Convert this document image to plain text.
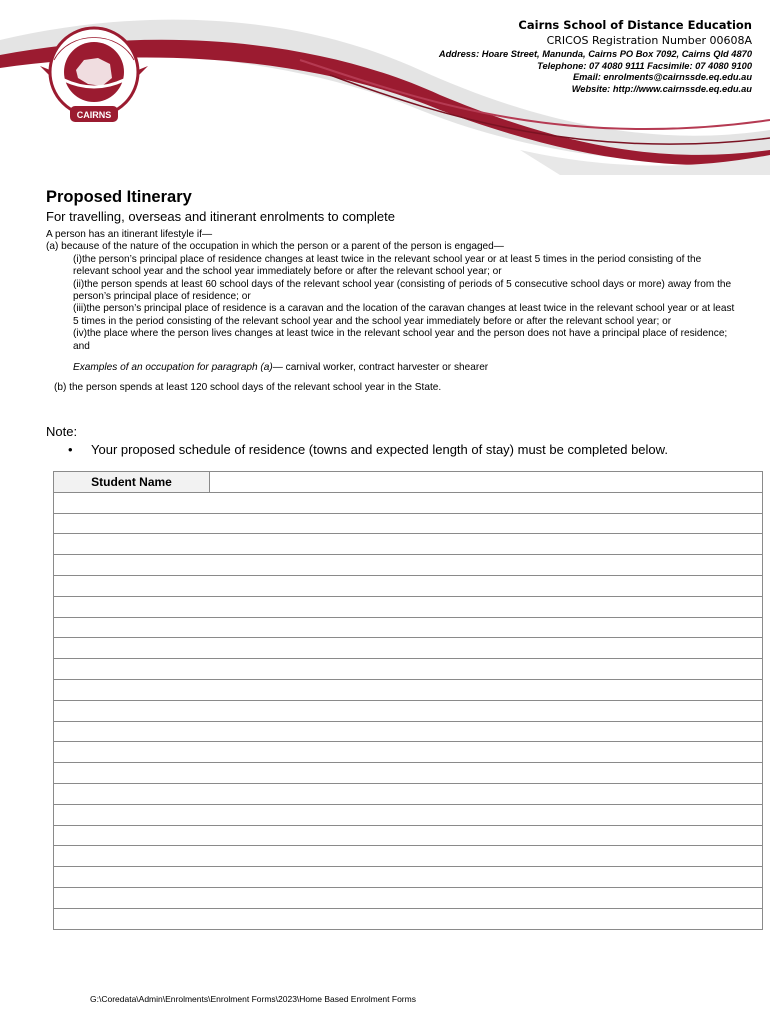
CAIRNS
Cairns School of Distance Education
CRICOS Registration Number 00608A
Address: Hoare Street, Manunda, Cairns PO Box 7092, Cairns Qld 4870
Telephone: 07 4080 9111 Facsimile: 07 4080 9100
Email: enrolments@cairnssde.eq.edu.au
Website: http://www.cairnssde.eq.edu.au
Proposed Itinerary
For travelling, overseas and itinerant enrolments to complete

A person has an itinerant lifestyle if—

(a) because of the nature of the occupation in which the person or a parent of the person is engaged—

(i)the person’s principal place of residence changes at least twice in the relevant school year or at least 5 times in the period consisting of the relevant school year and the school year immediately before or after the relevant school year; or

(ii)the person spends at least 60 school days of the relevant school year (consisting of periods of 5 consecutive school days or more) away from the person’s principal place of residence; or

(iii)the person’s principal place of residence is a caravan and the location of the caravan changes at least twice in the relevant school year or at least 5 times in the period consisting of the relevant school year and the school year immediately before or after the relevant school year; or

(iv)the place where the person lives changes at least twice in the relevant school year and the person does not have a principal place of residence; and

Examples of an occupation for paragraph (a)— carnival worker, contract harvester or shearer

(b) the person spends at least 120 school days of the relevant school year in the State.

Note:
• Your proposed schedule of residence (towns and expected length of stay) must be completed below.
Student Name	

G:\Coredata\Admin\Enrolments\Enrolment Forms\2023\Home Based Enrolment Forms
